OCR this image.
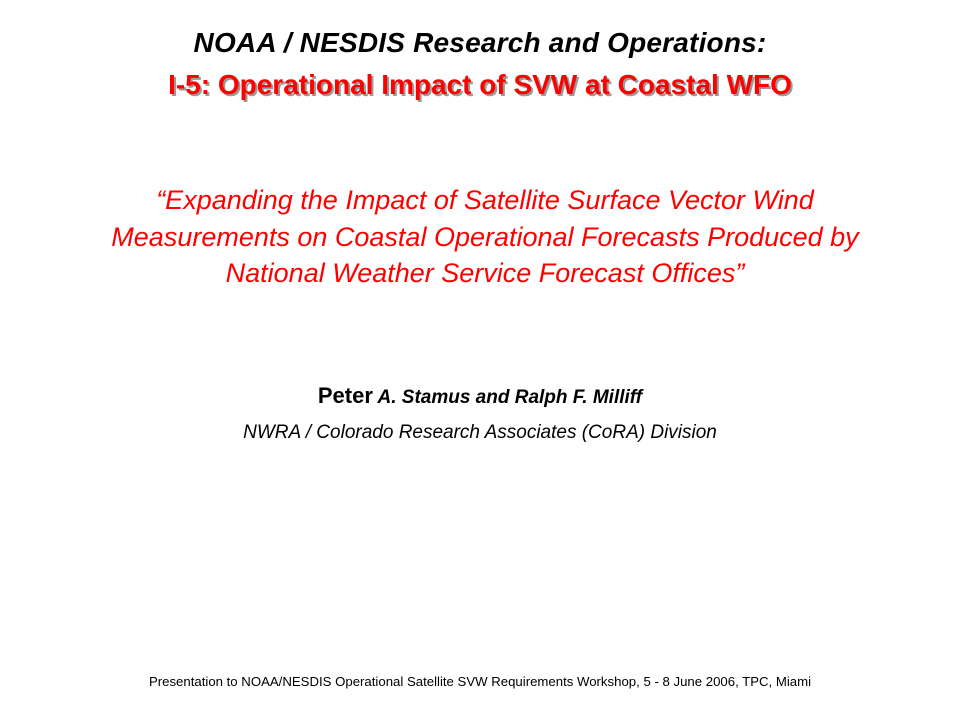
NOAA / NESDIS Research and Operations:
I-5: Operational Impact of SVW at Coastal WFO
“Expanding the Impact of Satellite Surface Vector Wind Measurements on Coastal Operational Forecasts Produced by National Weather Service Forecast Offices”
Peter A. Stamus and Ralph F. Milliff
NWRA / Colorado Research Associates (CoRA) Division
Presentation to NOAA/NESDIS Operational Satellite SVW Requirements Workshop, 5 - 8 June 2006, TPC, Miami
